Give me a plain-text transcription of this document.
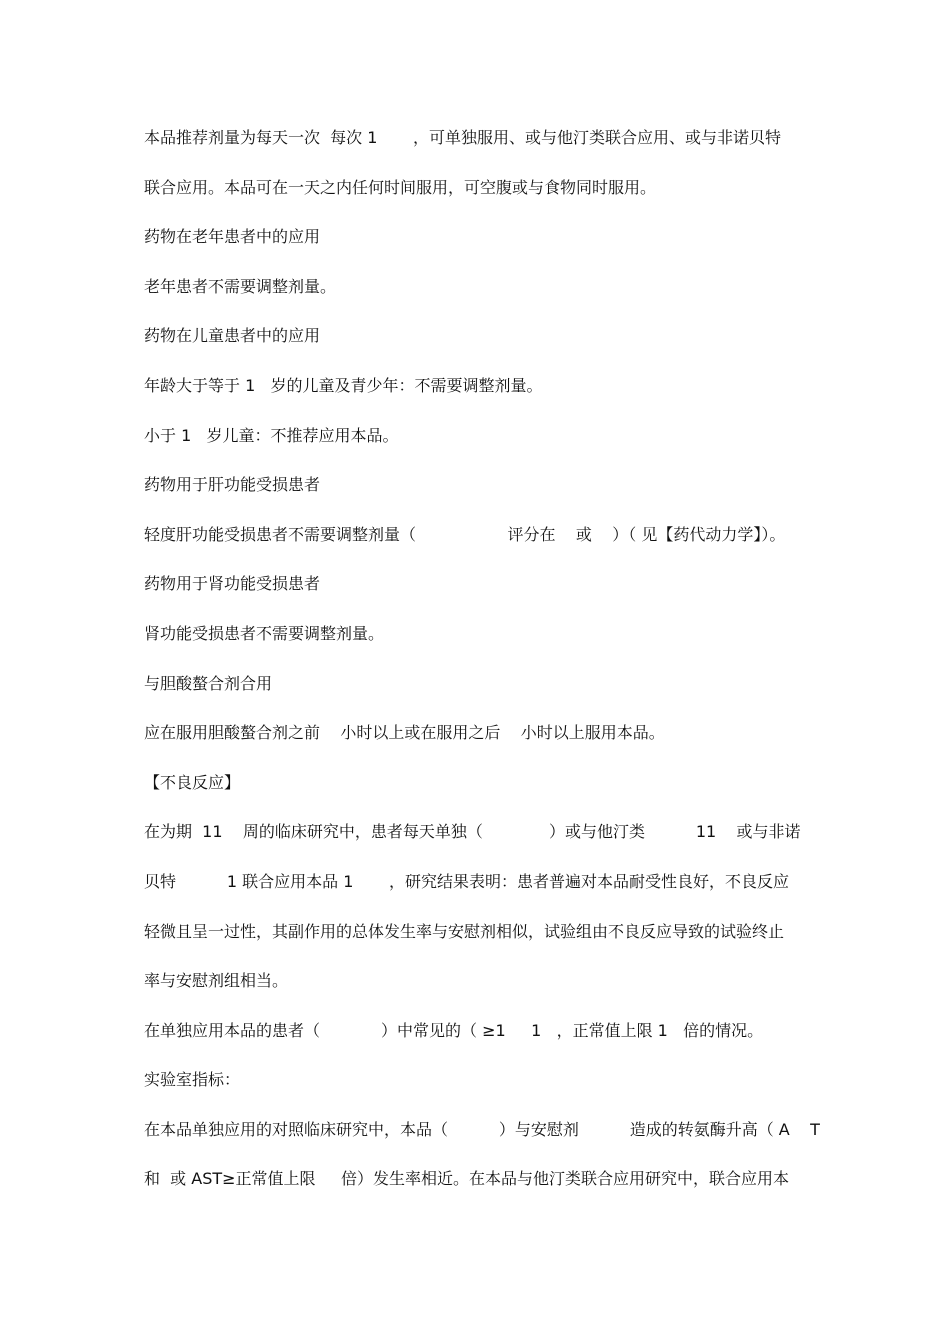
本品推荐剂量为每天一次  每次 1       ，可单独服用、或与他汀类联合应用、或与非诺贝特
联合应用。本品可在一天之内任何时间服用，可空腹或与食物同时服用。
药物在老年患者中的应用
老年患者不需要调整剂量。
药物在儿童患者中的应用
年龄大于等于 1   岁的儿童及青少年：不需要调整剂量。
小于 1   岁儿童：不推荐应用本品。
药物用于肝功能受损患者
轻度肝功能受损患者不需要调整剂量（                  评分在    或    ）（ 见【药代动力学】）。
药物用于肾功能受损患者
肾功能受损患者不需要调整剂量。
与胆酸螯合剂合用
应在服用胆酸螯合剂之前    小时以上或在服用之后    小时以上服用本品。
【不良反应】
在为期  11    周的临床研究中，患者每天单独（             ）或与他汀类          11    或与非诺
贝特          1 联合应用本品 1       ，研究结果表明：患者普遍对本品耐受性良好，不良反应
轻微且呈一过性，其副作用的总体发生率与安慰剂相似，试验组由不良反应导致的试验终止
率与安慰剂组相当。
在单独应用本品的患者（            ）中常见的（ ≥1     1   ，正常值上限 1   倍的情况。
实验室指标：
在本品单独应用的对照临床研究中，本品（          ）与安慰剂          造成的转氨酶升高（ A    T
和  或 AST≥正常值上限     倍）发生率相近。在本品与他汀类联合应用研究中，联合应用本
